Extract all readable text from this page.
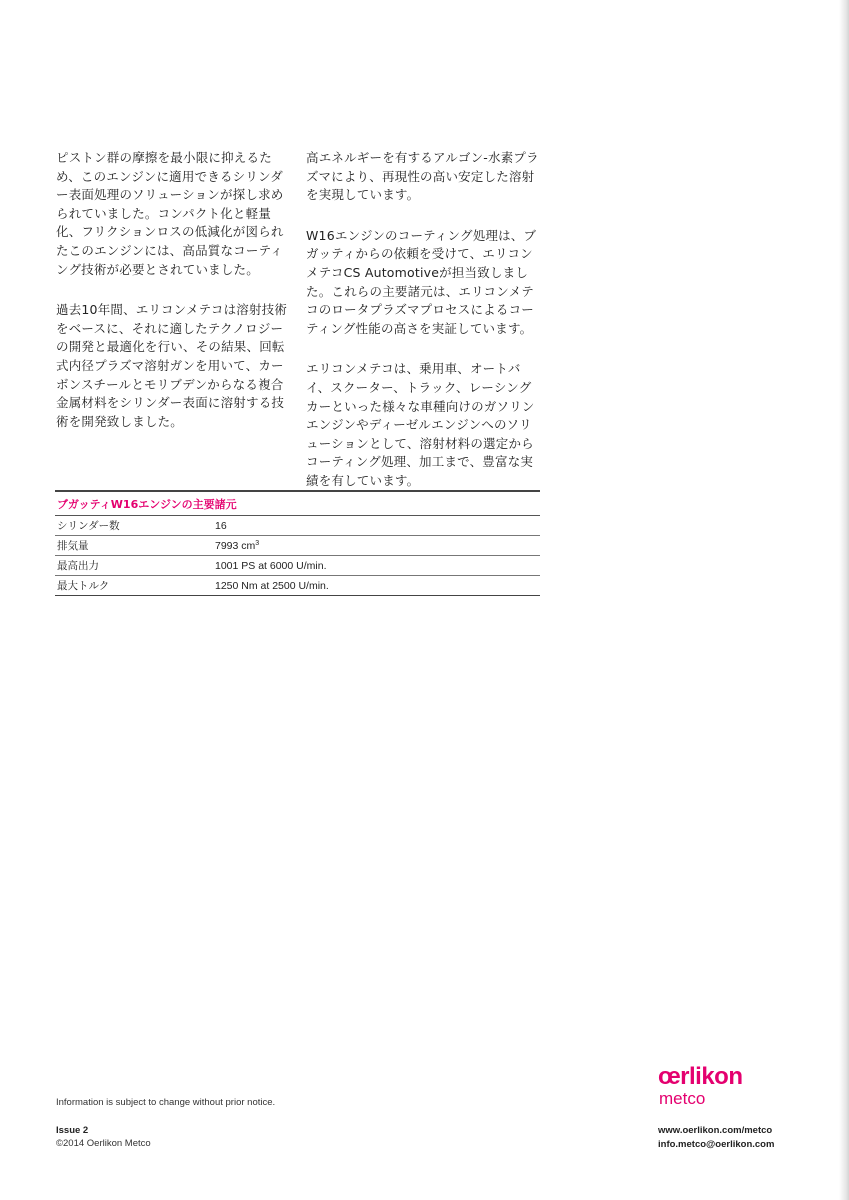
ピストン群の摩擦を最小限に抑えるため、このエンジンに適用できるシリンダー表面処理のソリューションが探し求められていました。コンパクト化と軽量化、フリクションロスの低減化が図られたこのエンジンには、高品質なコーティング技術が必要とされていました。

過去10年間、エリコンメテコは溶射技術をベースに、それに適したテクノロジーの開発と最適化を行い、その結果、回転式内径プラズマ溶射ガンを用いて、カーボンスチールとモリブデンからなる複合金属材料をシリンダー表面に溶射する技術を開発致しました。

高エネルギーを有するアルゴン-水素プラズマにより、再現性の高い安定した溶射を実現しています。

W16エンジンのコーティング処理は、ブガッティからの依頼を受けて、エリコンメテコCS Automotiveが担当致しました。これらの主要諸元は、エリコンメテコのロータプラズマプロセスによるコーティング性能の高さを実証しています。

エリコンメテコは、乗用車、オートバイ、スクーター、トラック、レーシングカーといった様々な車種向けのガソリンエンジンやディーゼルエンジンへのソリューションとして、溶射材料の選定からコーティング処理、加工まで、豊富な実績を有しています。

ブガッティW16エンジンの主要諸元
シリンダー数	16
排気量	7993 $cm^3$
最高出力	1001 PS at 6000 U/min.
最大トルク	1250 Nm at 2500 U/min.
Information is subject to change without prior notice.
Issue 2
©2014 Oerlikon Metco
œrlikon
metco
www.oerlikon.com/metco
info.metco@oerlikon.com
